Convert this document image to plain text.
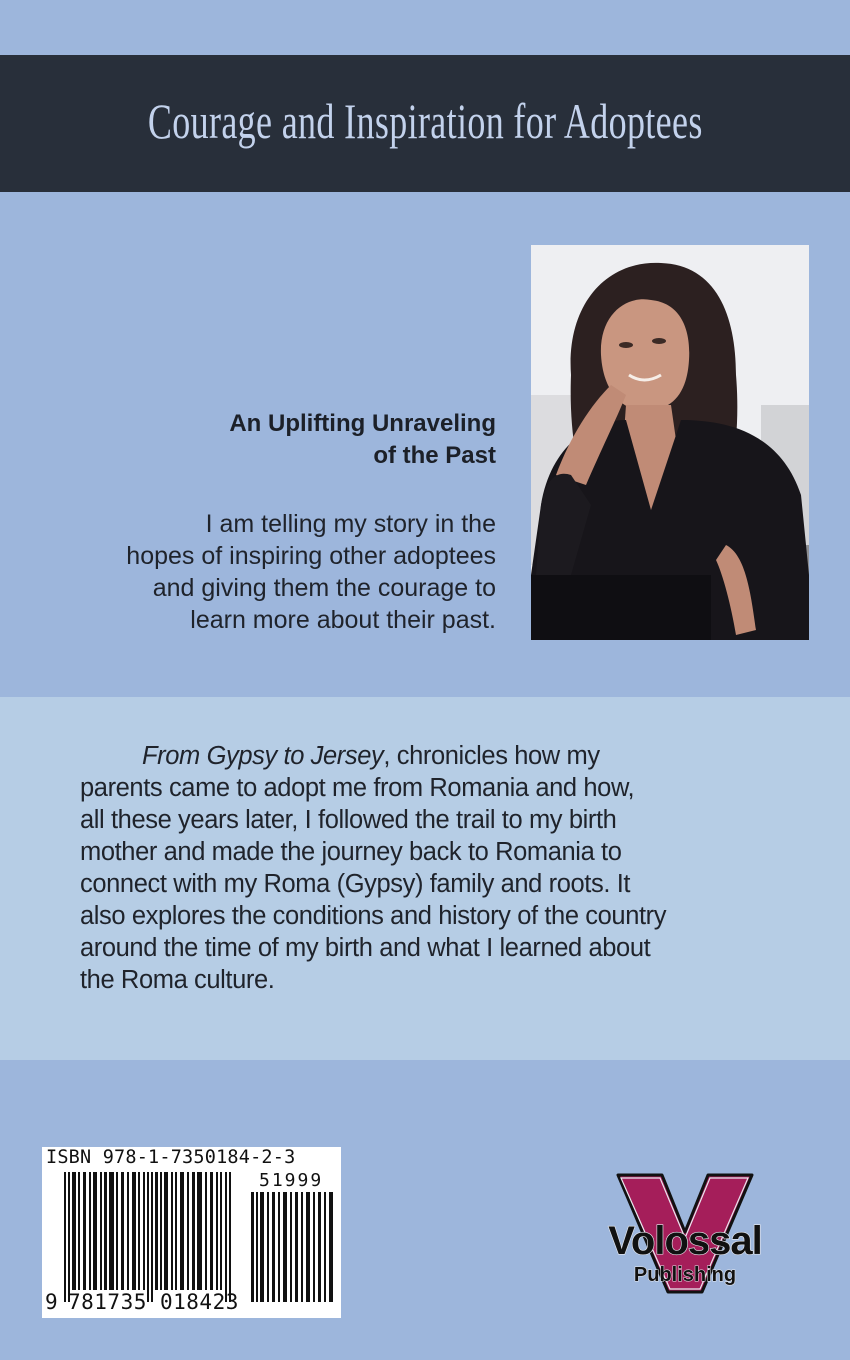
Courage and Inspiration for Adoptees
An Uplifting Unraveling
of the Past
I am telling my story in the
hopes of inspiring other adoptees
and giving them the courage to
learn more about their past.
From Gypsy to Jersey, chronicles how my
parents came to adopt me from Romania and how,
all these years later, I followed the trail to my birth
mother and made the journey back to Romania to
connect with my Roma (Gypsy) family and roots. It
also explores the conditions and history of the country
around the time of my birth and what I learned about
the Roma culture.
ISBN 978-1-7350184-2-3
51999
9 781735 018423
Volossal
Publishing
